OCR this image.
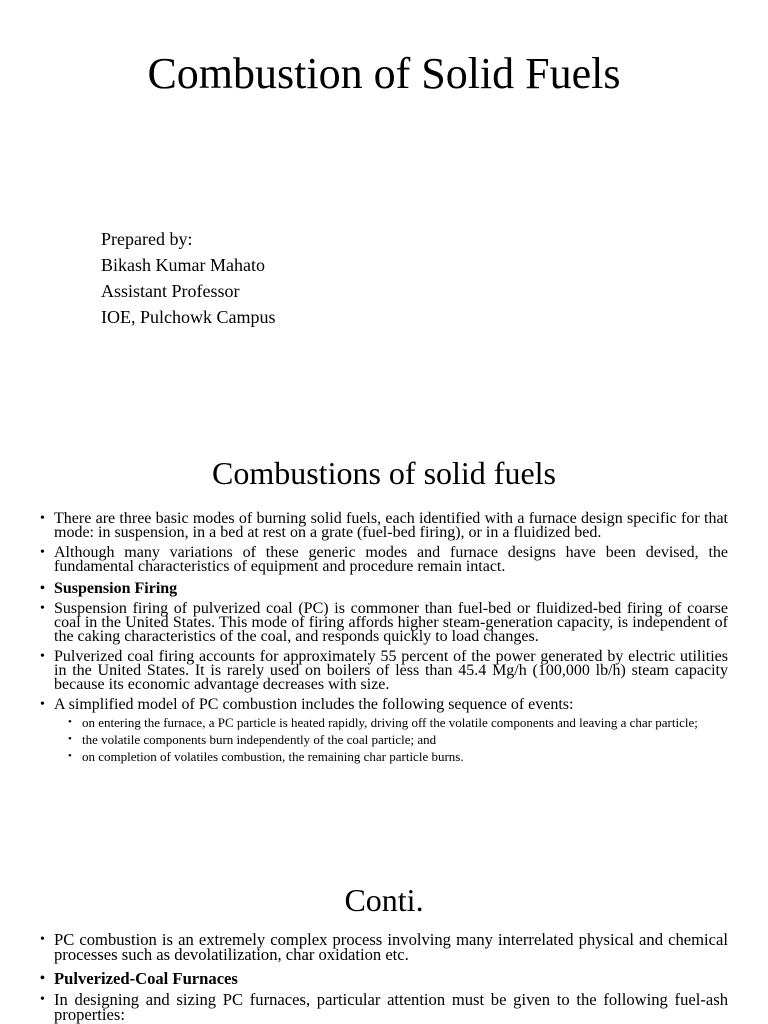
Combustion of Solid Fuels
Prepared by:
Bikash Kumar Mahato
Assistant Professor
IOE, Pulchowk Campus
Combustions of solid fuels
• There are three basic modes of burning solid fuels, each identified with a furnace design specific for that mode: in suspension, in a bed at rest on a grate (fuel-bed firing), or in a fluidized bed.
• Although many variations of these generic modes and furnace designs have been devised, the fundamental characteristics of equipment and procedure remain intact.
• Suspension Firing
• Suspension firing of pulverized coal (PC) is commoner than fuel-bed or fluidized-bed firing of coarse coal in the United States. This mode of firing affords higher steam-generation capacity, is independent of the caking characteristics of the coal, and responds quickly to load changes.
• Pulverized coal firing accounts for approximately 55 percent of the power generated by electric utilities in the United States. It is rarely used on boilers of less than 45.4 Mg/h (100,000 lb/h) steam capacity because its economic advantage decreases with size.
• A simplified model of PC combustion includes the following sequence of events:
• on entering the furnace, a PC particle is heated rapidly, driving off the volatile components and leaving a char particle;
• the volatile components burn independently of the coal particle; and
• on completion of volatiles combustion, the remaining char particle burns.
Conti.
• PC combustion is an extremely complex process involving many interrelated physical and chemical processes such as devolatilization, char oxidation etc.
• Pulverized-Coal Furnaces
• In designing and sizing PC furnaces, particular attention must be given to the following fuel-ash properties:
